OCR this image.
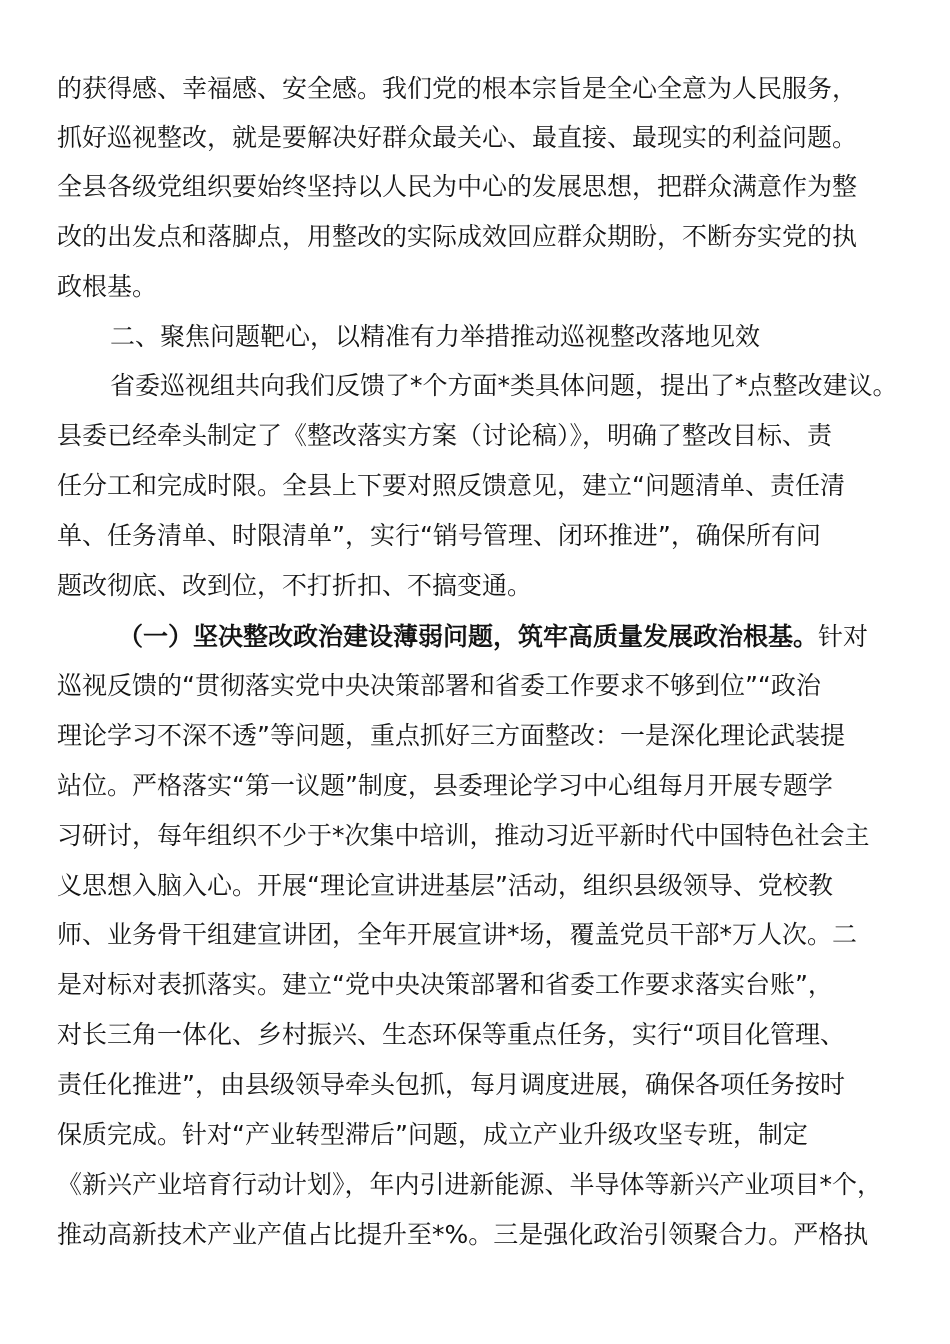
的获得感、幸福感、安全感。我们党的根本宗旨是全心全意为人民服务，
抓好巡视整改，就是要解决好群众最关心、最直接、最现实的利益问题。
全县各级党组织要始终坚持以人民为中心的发展思想，把群众满意作为整
改的出发点和落脚点，用整改的实际成效回应群众期盼，不断夯实党的执
政根基。
二、聚焦问题靶心，以精准有力举措推动巡视整改落地见效
省委巡视组共向我们反馈了*个方面*类具体问题，提出了*点整改建议。
县委已经牵头制定了《整改落实方案（讨论稿）》，明确了整改目标、责
任分工和完成时限。全县上下要对照反馈意见，建立“问题清单、责任清
单、任务清单、时限清单”，实行“销号管理、闭环推进”，确保所有问
题改彻底、改到位，不打折扣、不搞变通。
（一）坚决整改政治建设薄弱问题，筑牢高质量发展政治根基。针对
巡视反馈的“贯彻落实党中央决策部署和省委工作要求不够到位”“政治
理论学习不深不透”等问题，重点抓好三方面整改：一是深化理论武装提
站位。严格落实“第一议题”制度，县委理论学习中心组每月开展专题学
习研讨，每年组织不少于*次集中培训，推动习近平新时代中国特色社会主
义思想入脑入心。开展“理论宣讲进基层”活动，组织县级领导、党校教
师、业务骨干组建宣讲团，全年开展宣讲*场，覆盖党员干部*万人次。二
是对标对表抓落实。建立“党中央决策部署和省委工作要求落实台账”，
对长三角一体化、乡村振兴、生态环保等重点任务，实行“项目化管理、
责任化推进”，由县级领导牵头包抓，每月调度进展，确保各项任务按时
保质完成。针对“产业转型滞后”问题，成立产业升级攻坚专班，制定
《新兴产业培育行动计划》，年内引进新能源、半导体等新兴产业项目*个，
推动高新技术产业产值占比提升至*%。三是强化政治引领聚合力。严格执
